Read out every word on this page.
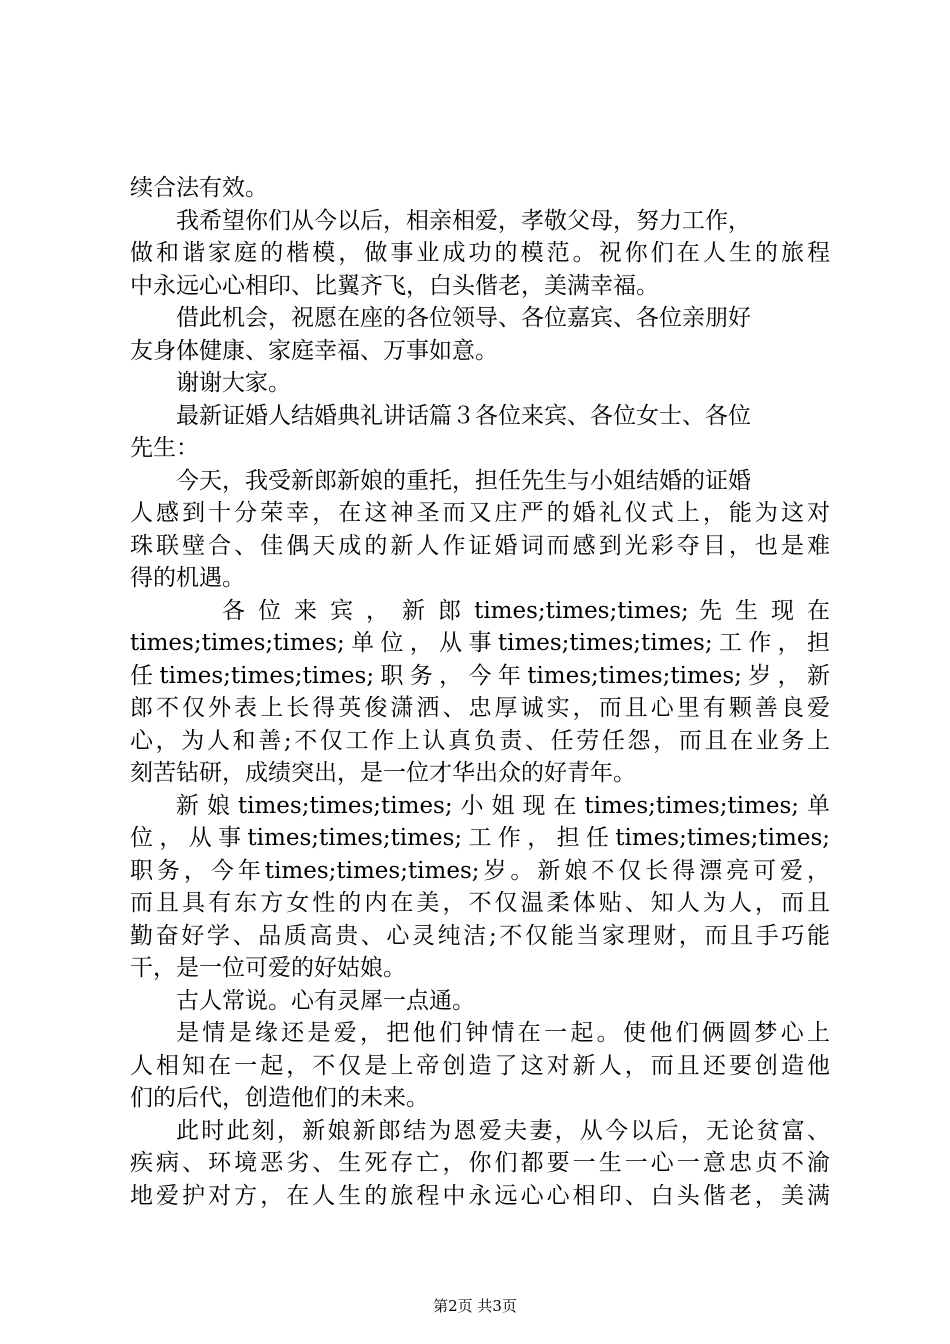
续合法有效。
我希望你们从今以后，相亲相爱，孝敬父母，努力工作，
做和谐家庭的楷模，做事业成功的模范。祝你们在人生的旅程
中永远心心相印、比翼齐飞，白头偕老，美满幸福。
借此机会，祝愿在座的各位领导、各位嘉宾、各位亲朋好
友身体健康、家庭幸福、万事如意。
谢谢大家。
最新证婚人结婚典礼讲话篇３各位来宾、各位女士、各位
先生：
今天，我受新郎新娘的重托，担任先生与小姐结婚的证婚
人感到十分荣幸，在这神圣而又庄严的婚礼仪式上，能为这对
珠联壁合、佳偶天成的新人作证婚词而感到光彩夺目，也是难
得的机遇。
各 位 来 宾 ， 新 郎 times;times;times; 先 生 现 在
times;times;times;单位，从事times;times;times;工作，担
任times;times;times;职务，今年times;times;times;岁，新
郎不仅外表上长得英俊潇洒、忠厚诚实，而且心里有颗善良爱
心，为人和善;不仅工作上认真负责、任劳任怨，而且在业务上
刻苦钻研，成绩突出，是一位才华出众的好青年。
新娘times;times;times;小姐现在times;times;times;单
位，从事times;times;times;工作，担任times;times;times;
职务，今年times;times;times;岁。新娘不仅长得漂亮可爱，
而且具有东方女性的内在美，不仅温柔体贴、知人为人，而且
勤奋好学、品质高贵、心灵纯洁;不仅能当家理财，而且手巧能
干，是一位可爱的好姑娘。
古人常说。心有灵犀一点通。
是情是缘还是爱，把他们钟情在一起。使他们俩圆梦心上
人相知在一起，不仅是上帝创造了这对新人，而且还要创造他
们的后代，创造他们的未来。
此时此刻，新娘新郎结为恩爱夫妻，从今以后，无论贫富、
疾病、环境恶劣、生死存亡，你们都要一生一心一意忠贞不渝
地爱护对方，在人生的旅程中永远心心相印、白头偕老，美满
第2页 共3页
